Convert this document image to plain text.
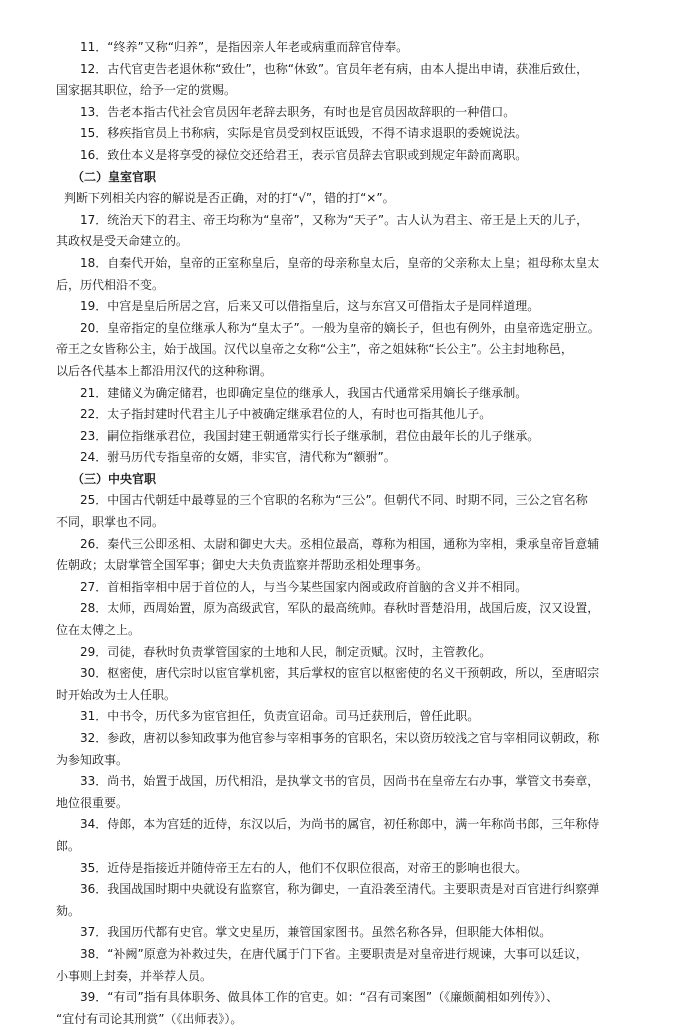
11．“终养”又称“归养”，是指因亲人年老或病重而辞官侍奉。
12．古代官吏告老退休称“致仕”，也称“休致”。官员年老有病，由本人提出申请，获准后致仕，
国家据其职位，给予一定的赏赐。
13．告老本指古代社会官员因年老辞去职务，有时也是官员因故辞职的一种借口。
15．移疾指官员上书称病，实际是官员受到权臣诋毁，不得不请求退职的委婉说法。
16．致仕本义是将享受的禄位交还给君王，表示官员辞去官职或到规定年龄而离职。
（二）皇室官职
判断下列相关内容的解说是否正确，对的打“√”，错的打“×”。
17．统治天下的君主、帝王均称为“皇帝”，又称为“天子”。古人认为君主、帝王是上天的儿子，
其政权是受天命建立的。
18．自秦代开始，皇帝的正室称皇后，皇帝的母亲称皇太后，皇帝的父亲称太上皇；祖母称太皇太
后，历代相沿不变。
19．中宫是皇后所居之宫，后来又可以借指皇后，这与东宫又可借指太子是同样道理。
20．皇帝指定的皇位继承人称为“皇太子”。一般为皇帝的嫡长子，但也有例外，由皇帝选定册立。
帝王之女皆称公主，始于战国。汉代以皇帝之女称“公主”，帝之姐妹称“长公主”。公主封地称邑，
以后各代基本上都沿用汉代的这种称谓。
21．建储义为确定储君，也即确定皇位的继承人，我国古代通常采用嫡长子继承制。
22．太子指封建时代君主儿子中被确定继承君位的人，有时也可指其他儿子。
23．嗣位指继承君位，我国封建王朝通常实行长子继承制，君位由最年长的儿子继承。
24．驸马历代专指皇帝的女婿，非实官，清代称为“额驸”。
（三）中央官职
25．中国古代朝廷中最尊显的三个官职的名称为“三公”。但朝代不同、时期不同，三公之官名称
不同，职掌也不同。
26．秦代三公即丞相、太尉和御史大夫。丞相位最高，尊称为相国，通称为宰相，秉承皇帝旨意辅
佐朝政；太尉掌管全国军事；御史大夫负责监察并帮助丞相处理事务。
27．首相指宰相中居于首位的人，与当今某些国家内阁或政府首脑的含义并不相同。
28．太师，西周始置，原为高级武官，军队的最高统帅。春秋时晋楚沿用，战国后废，汉又设置，
位在太傅之上。
29．司徒，春秋时负责掌管国家的土地和人民，制定贡赋。汉时，主管教化。
30．枢密使，唐代宗时以宦官掌机密，其后掌权的宦官以枢密使的名义干预朝政，所以，至唐昭宗
时开始改为士人任职。
31．中书令，历代多为宦官担任，负责宣诏命。司马迁获刑后，曾任此职。
32．参政，唐初以参知政事为他官参与宰相事务的官职名，宋以资历较浅之官与宰相同议朝政，称
为参知政事。
33．尚书，始置于战国，历代相沿，是执掌文书的官员，因尚书在皇帝左右办事，掌管文书奏章，
地位很重要。
34．侍郎，本为宫廷的近侍，东汉以后，为尚书的属官，初任称郎中，满一年称尚书郎，三年称侍
郎。
35．近侍是指接近并随侍帝王左右的人，他们不仅职位很高，对帝王的影响也很大。
36．我国战国时期中央就设有监察官，称为御史，一直沿袭至清代。主要职责是对百官进行纠察弹
劾。
37．我国历代都有史官。掌文史星历，兼管国家图书。虽然名称各异，但职能大体相似。
38．“补阙”原意为补救过失，在唐代属于门下省。主要职责是对皇帝进行规谏，大事可以廷议，
小事则上封奏，并举荐人员。
39．“有司”指有具体职务、做具体工作的官吏。如：“召有司案图”（《廉颇蔺相如列传》）、
“宜付有司论其刑赏”（《出师表》）。
